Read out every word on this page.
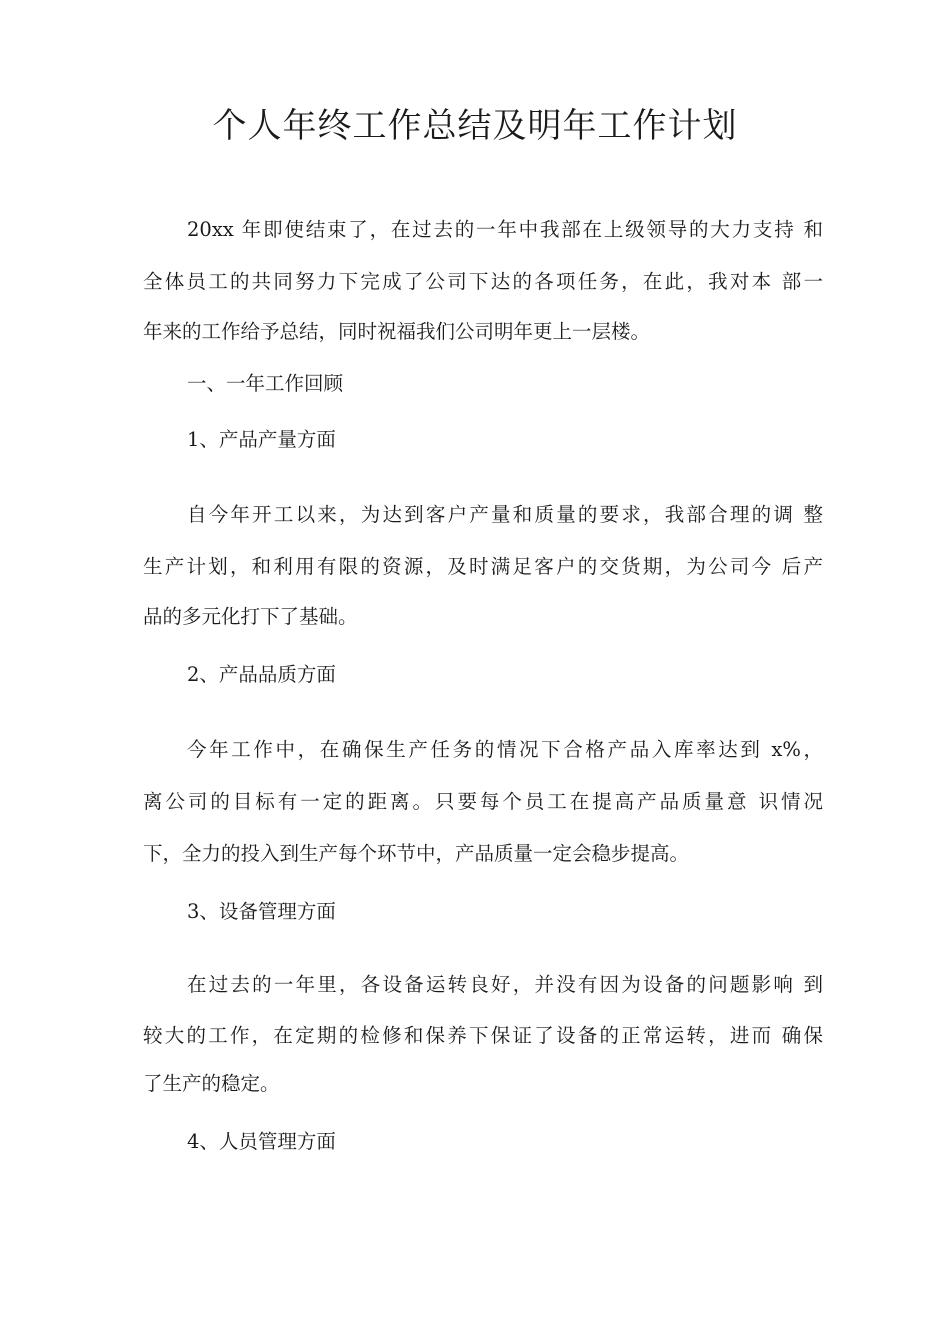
个人年终工作总结及明年工作计划
20xx 年即使结束了，在过去的一年中我部在上级领导的大力支持 和
全体员工的共同努力下完成了公司下达的各项任务，在此，我对本 部一
年来的工作给予总结，同时祝福我们公司明年更上一层楼。
一、一年工作回顾
1、产品产量方面
自今年开工以来，为达到客户产量和质量的要求，我部合理的调 整
生产计划，和利用有限的资源，及时满足客户的交货期，为公司今 后产
品的多元化打下了基础。
2、产品品质方面
今年工作中，在确保生产任务的情况下合格产品入库率达到 x%，
离公司的目标有一定的距离。只要每个员工在提高产品质量意 识情况
下，全力的投入到生产每个环节中，产品质量一定会稳步提高。
3、设备管理方面
在过去的一年里，各设备运转良好，并没有因为设备的问题影响 到
较大的工作，在定期的检修和保养下保证了设备的正常运转，进而 确保
了生产的稳定。
4、人员管理方面
